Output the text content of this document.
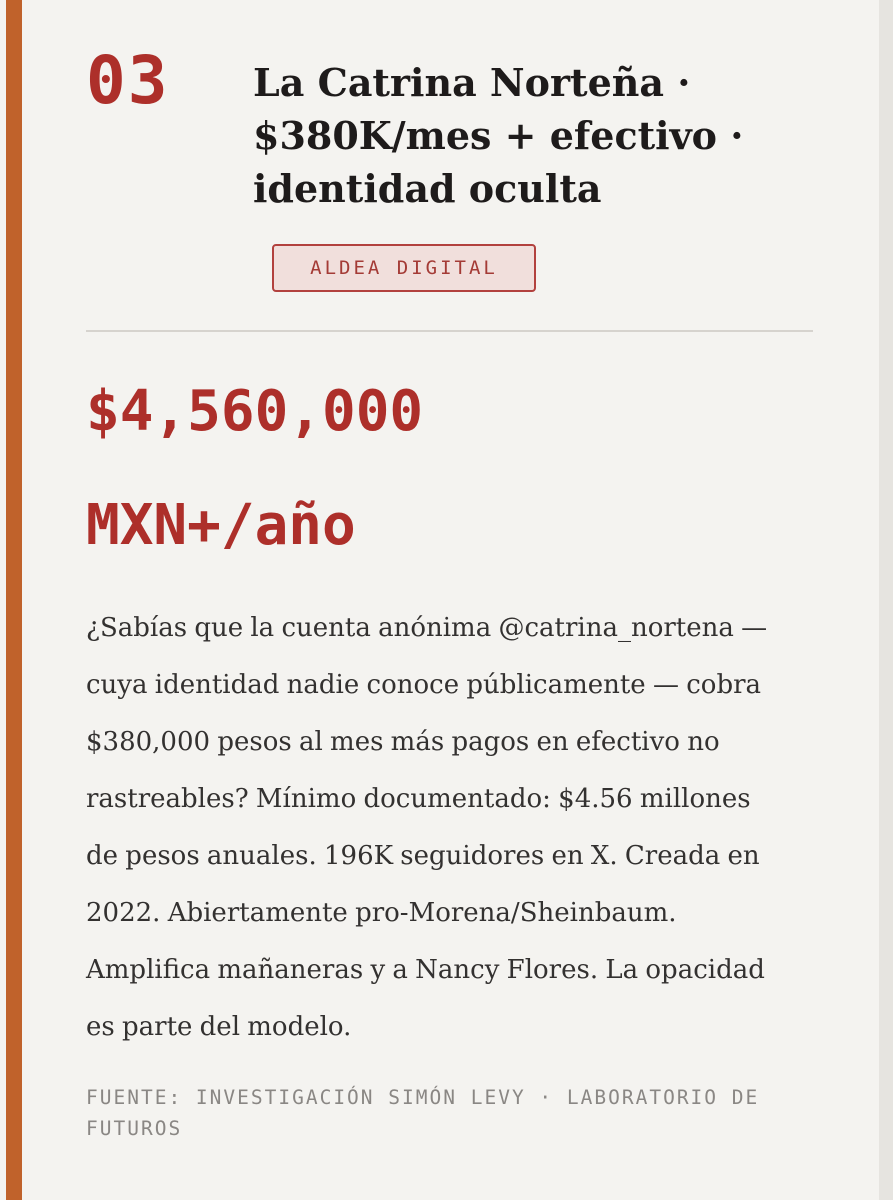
03 La Catrina Norteña · $380K/mes + efectivo · identidad oculta
ALDEA DIGITAL
$4,560,000
MXN+/año

¿Sabías que la cuenta anónima @catrina_nortena — cuya identidad nadie conoce públicamente — cobra $380,000 pesos al mes más pagos en efectivo no rastreables? Mínimo documentado: $4.56 millones de pesos anuales. 196K seguidores en X. Creada en 2022. Abiertamente pro-Morena/Sheinbaum. Amplifica mañaneras y a Nancy Flores. La opacidad es parte del modelo.

FUENTE: INVESTIGACIÓN SIMÓN LEVY · LABORATORIO DE FUTUROS
